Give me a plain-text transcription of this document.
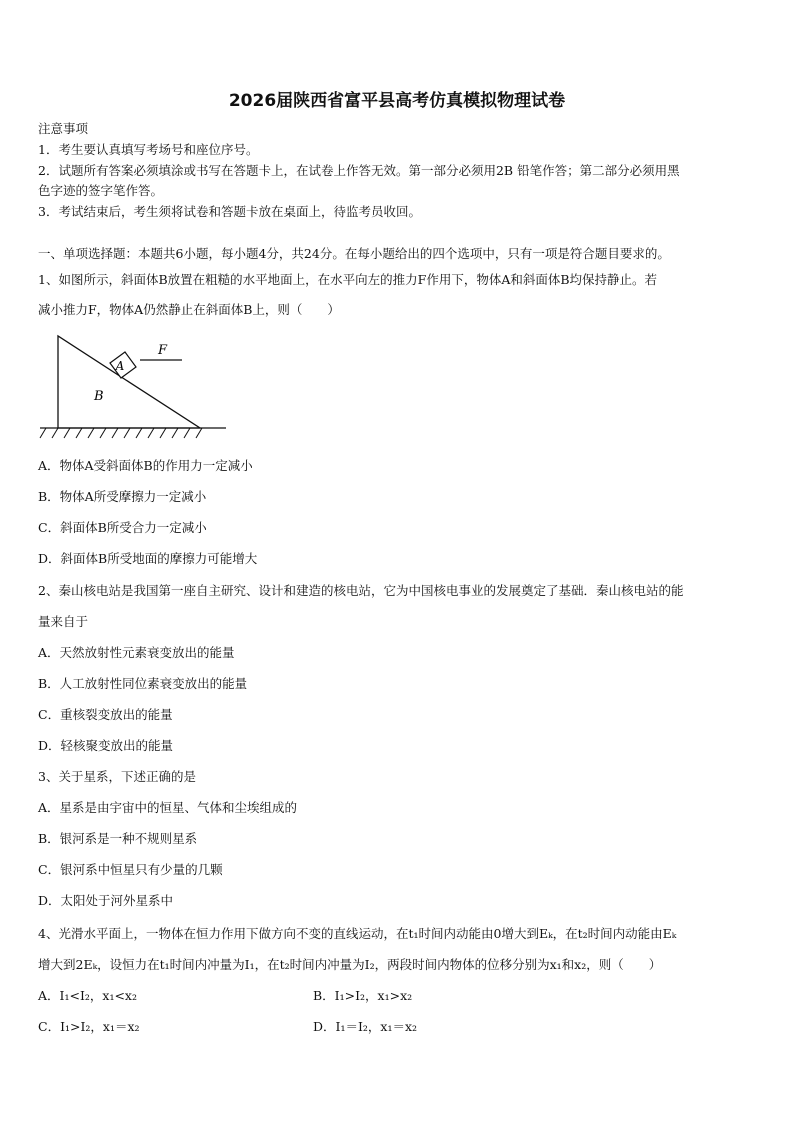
2026届陕西省富平县高考仿真模拟物理试卷
注意事项
1．考生要认真填写考场号和座位序号。
2．试题所有答案必须填涂或书写在答题卡上，在试卷上作答无效。第一部分必须用2B 铅笔作答；第二部分必须用黑
色字迹的签字笔作答。
3．考试结束后，考生须将试卷和答题卡放在桌面上，待监考员收回。
一、单项选择题：本题共6小题，每小题4分，共24分。在每小题给出的四个选项中，只有一项是符合题目要求的。
1、如图所示，斜面体B放置在粗糙的水平地面上，在水平向左的推力F作用下，物体A和斜面体B均保持静止。若
减小推力F，物体A仍然静止在斜面体B上，则（　　）
A
F
B
A．物体A受斜面体B的作用力一定减小
B．物体A所受摩擦力一定减小
C．斜面体B所受合力一定减小
D．斜面体B所受地面的摩擦力可能增大
2、秦山核电站是我国第一座自主研究、设计和建造的核电站，它为中国核电事业的发展奠定了基础．秦山核电站的能
量来自于
A．天然放射性元素衰变放出的能量
B．人工放射性同位素衰变放出的能量
C．重核裂变放出的能量
D．轻核聚变放出的能量
3、关于星系，下述正确的是
A．星系是由宇宙中的恒星、气体和尘埃组成的
B．银河系是一种不规则星系
C．银河系中恒星只有少量的几颗
D．太阳处于河外星系中
4、光滑水平面上，一物体在恒力作用下做方向不变的直线运动，在t₁时间内动能由0增大到Eₖ，在t₂时间内动能由Eₖ
增大到2Eₖ，设恒力在t₁时间内冲量为I₁，在t₂时间内冲量为I₂，两段时间内物体的位移分别为x₁和x₂，则（　　）
A．I₁<I₂，x₁<x₂	B．I₁>I₂，x₁>x₂
C．I₁>I₂，x₁＝x₂	D．I₁＝I₂，x₁＝x₂
